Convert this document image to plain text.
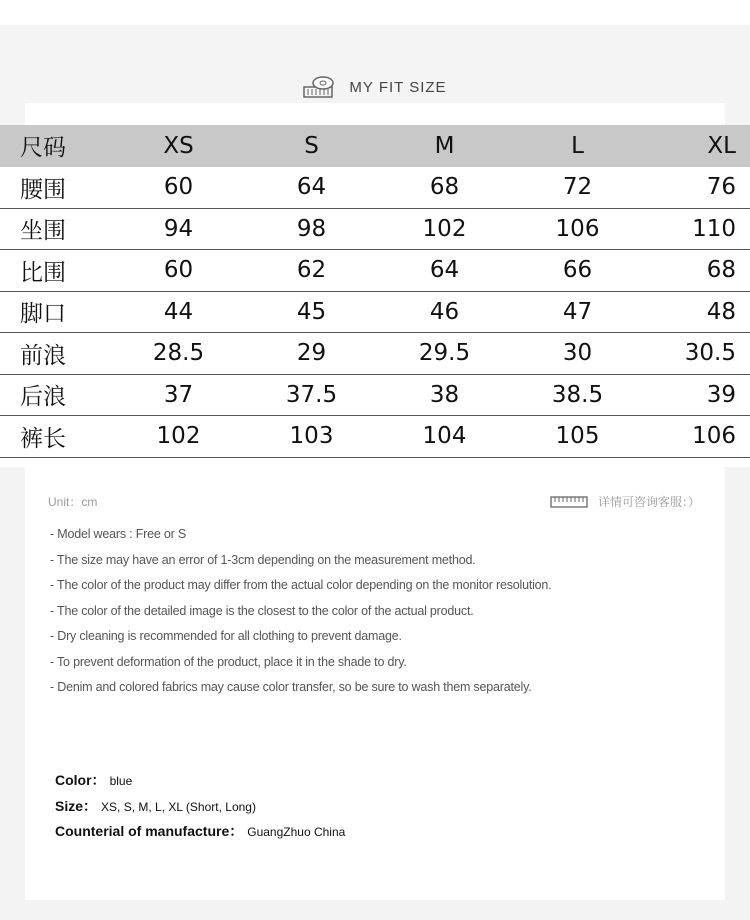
MY FIT SIZE
尺码	XS	S	M	L	XL
腰围	60	64	68	72	76
坐围	94	98	102	106	110
比围	60	62	64	66	68
脚口	44	45	46	47	48
前浪	28.5	29	29.5	30	30.5
后浪	37	37.5	38	38.5	39
裤长	102	103	104	105	106
Unit：cm	详情可咨询客服：）
- Model wears : Free or S
- The size may have an error of 1-3cm depending on the measurement method.
- The color of the product may differ from the actual color depending on the monitor resolution.
- The color of the detailed image is the closest to the color of the actual product.
- Dry cleaning is recommended for all clothing to prevent damage.
- To prevent deformation of the product, place it in the shade to dry.
- Denim and colored fabrics may cause color transfer, so be sure to wash them separately.
Color： blue
Size： XS, S, M, L, XL (Short, Long)
Counterial of manufacture： GuangZhuo China
